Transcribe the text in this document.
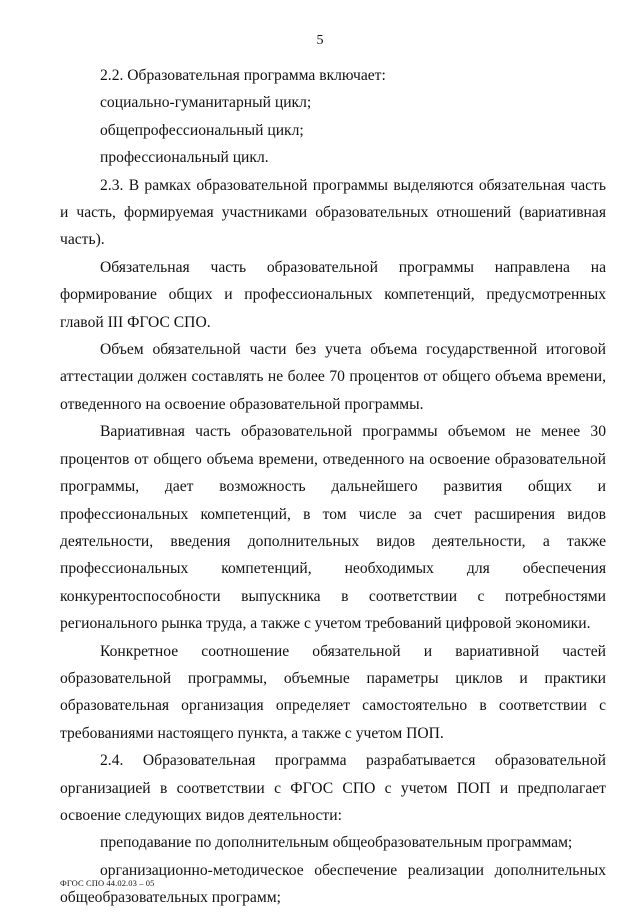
5

2.2. Образовательная программа включает:

социально-гуманитарный цикл;

общепрофессиональный цикл;

профессиональный цикл.

2.3. В рамках образовательной программы выделяются обязательная часть и часть, формируемая участниками образовательных отношений (вариативная часть).

Обязательная часть образовательной программы направлена на формирование общих и профессиональных компетенций, предусмотренных главой III ФГОС СПО.

Объем обязательной части без учета объема государственной итоговой аттестации должен составлять не более 70 процентов от общего объема времени, отведенного на освоение образовательной программы.

Вариативная часть образовательной программы объемом не менее 30 процентов от общего объема времени, отведенного на освоение образовательной программы, дает возможность дальнейшего развития общих и профессиональных компетенций, в том числе за счет расширения видов деятельности, введения дополнительных видов деятельности, а также профессиональных компетенций, необходимых для обеспечения конкурентоспособности выпускника в соответствии с потребностями регионального рынка труда, а также с учетом требований цифровой экономики.

Конкретное соотношение обязательной и вариативной частей образовательной программы, объемные параметры циклов и практики образовательная организация определяет самостоятельно в соответствии с требованиями настоящего пункта, а также с учетом ПОП.

2.4. Образовательная программа разрабатывается образовательной организацией в соответствии с ФГОС СПО с учетом ПОП и предполагает освоение следующих видов деятельности:

преподавание по дополнительным общеобразовательным программам;

организационно-методическое обеспечение реализации дополнительных общеобразовательных программ;

ФГОС СПО 44.02.03 – 05
